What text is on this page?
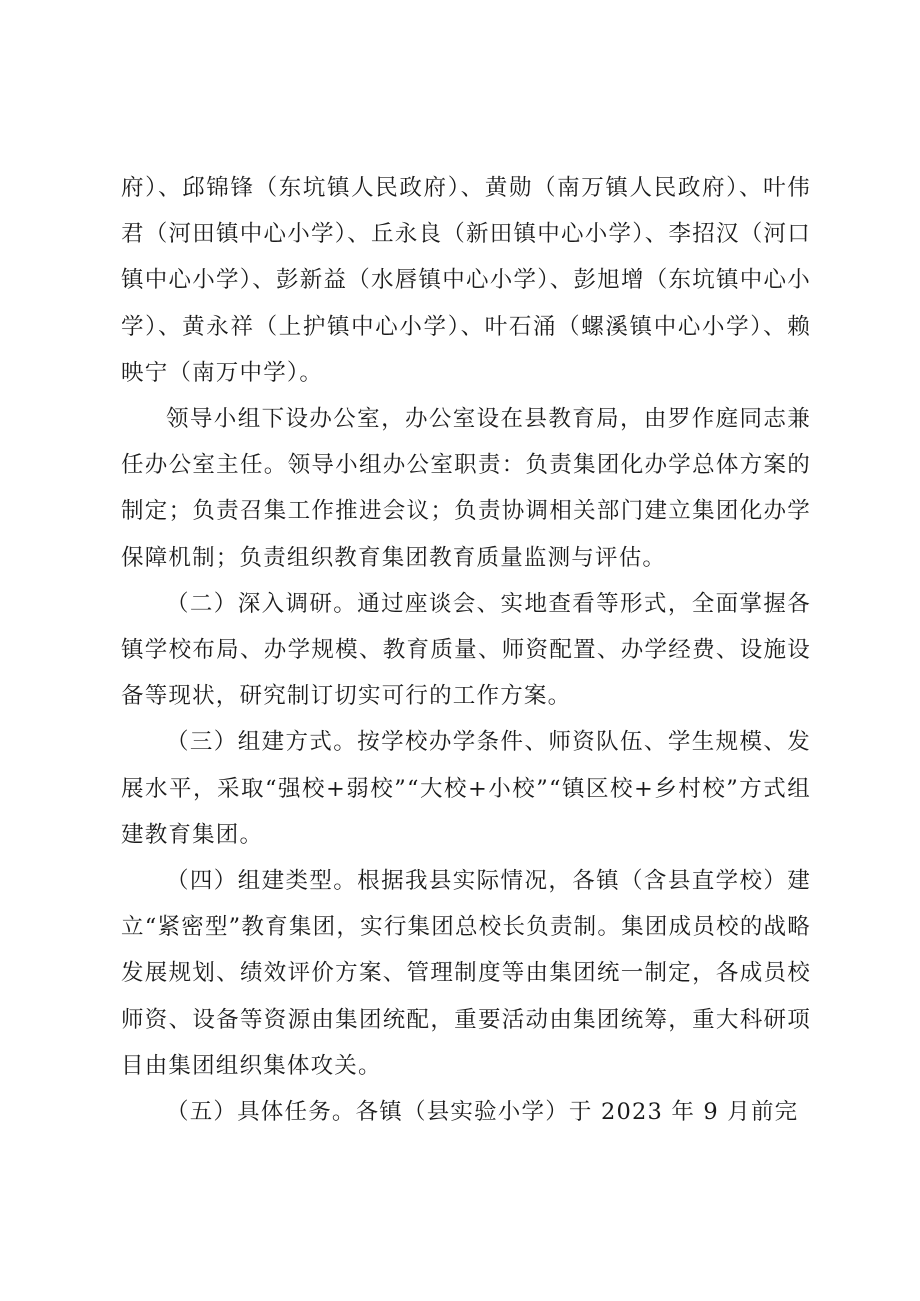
府）、邱锦锋（东坑镇人民政府）、黄勋（南万镇人民政府）、叶伟君（河田镇中心小学）、丘永良（新田镇中心小学）、李招汉（河口镇中心小学）、彭新益（水唇镇中心小学）、彭旭增（东坑镇中心小学）、黄永祥（上护镇中心小学）、叶石涌（螺溪镇中心小学）、赖映宁（南万中学）。

领导小组下设办公室，办公室设在县教育局，由罗作庭同志兼任办公室主任。领导小组办公室职责：负责集团化办学总体方案的制定；负责召集工作推进会议；负责协调相关部门建立集团化办学保障机制；负责组织教育集团教育质量监测与评估。

（二）深入调研。通过座谈会、实地查看等形式，全面掌握各镇学校布局、办学规模、教育质量、师资配置、办学经费、设施设备等现状，研究制订切实可行的工作方案。

（三）组建方式。按学校办学条件、师资队伍、学生规模、发展水平，采取“强校+弱校”“大校+小校”“镇区校+乡村校”方式组建教育集团。

（四）组建类型。根据我县实际情况，各镇（含县直学校）建立“紧密型”教育集团，实行集团总校长负责制。集团成员校的战略发展规划、绩效评价方案、管理制度等由集团统一制定，各成员校师资、设备等资源由集团统配，重要活动由集团统筹，重大科研项目由集团组织集体攻关。

（五）具体任务。各镇（县实验小学）于 2023 年 9 月前完
